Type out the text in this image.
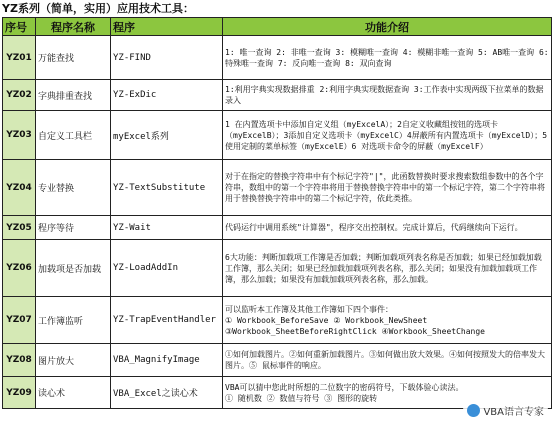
YZ系列（简单，实用）应用技术工具：
序号	程序名称	程序	功能介绍
YZ01	万能查找	YZ-FIND	1: 唯一查询 2: 非唯一查询 3: 模糊唯一查询 4: 模糊非唯一查询 5: AB唯一查询 6: 特殊唯一查询 7: 反向唯一查询 8: 双向查询
YZ02	字典排重查找	YZ-ExDic	1:利用字典实现数据排重 2:利用字典实现数据查询 3:工作表中实现两级下拉菜单的数据录入
YZ03	自定义工具栏	myExcel系列	1 在内置选项卡中添加自定义组（myExcelA）；2自定义收藏组按钮的选项卡（myExcelB）；3添加自定义选项卡（myExcelC）4屏蔽所有内置选项卡（myExcelD）；5使用定制的菜单标签（myExcelE）6 对选项卡命令的屏蔽（myExcelF）
YZ04	专业替换	YZ-TextSubstitute	对于在指定的替换字符串中有个标记字符"|"，此函数替换时要求搜索数组参数中的各个字符串，数组中的第一个字符串将用于替换替换字符串中的第一个标记字符，第二个字符串将用于替换替换字符串中的第二个标记字符，依此类推。
YZ05	程序等待	YZ-Wait	代码运行中调用系统"计算器"，程序交出控制权。完成计算后，代码继续向下运行。
YZ06	加载项是否加载	YZ-LoadAddIn	6大功能：判断加载项工作簿是否加载；判断加载项列表名称是否加载；如果已经加载加载工作簿，那么关闭；如果已经加载加载项列表名称，那么关闭；如果没有加载加载项工作簿，那么加载；如果没有加载加载项列表名称，那么加载。
YZ07	工作簿监听	YZ-TrapEventHandler	可以监听本工作簿及其他工作簿如下四个事件：
① Workbook_BeforeSave ② Workbook_NewSheet ③Workbook_SheetBeforeRightClick ④Workbook_SheetChange
YZ08	图片放大	VBA_MagnifyImage	①如何加载图片。②如何重新加载图片。③如何做出放大效果。④如何按照发大的倍率发大图片。⑤ 鼠标事件的响应。
YZ09	读心术	VBA_Excel之读心术	VBA可以猜中您此时所想的二位数字的密码符号，下载体验心读法。
① 随机数 ② 数值与符号 ③ 图形的旋转
VBA语言专家
